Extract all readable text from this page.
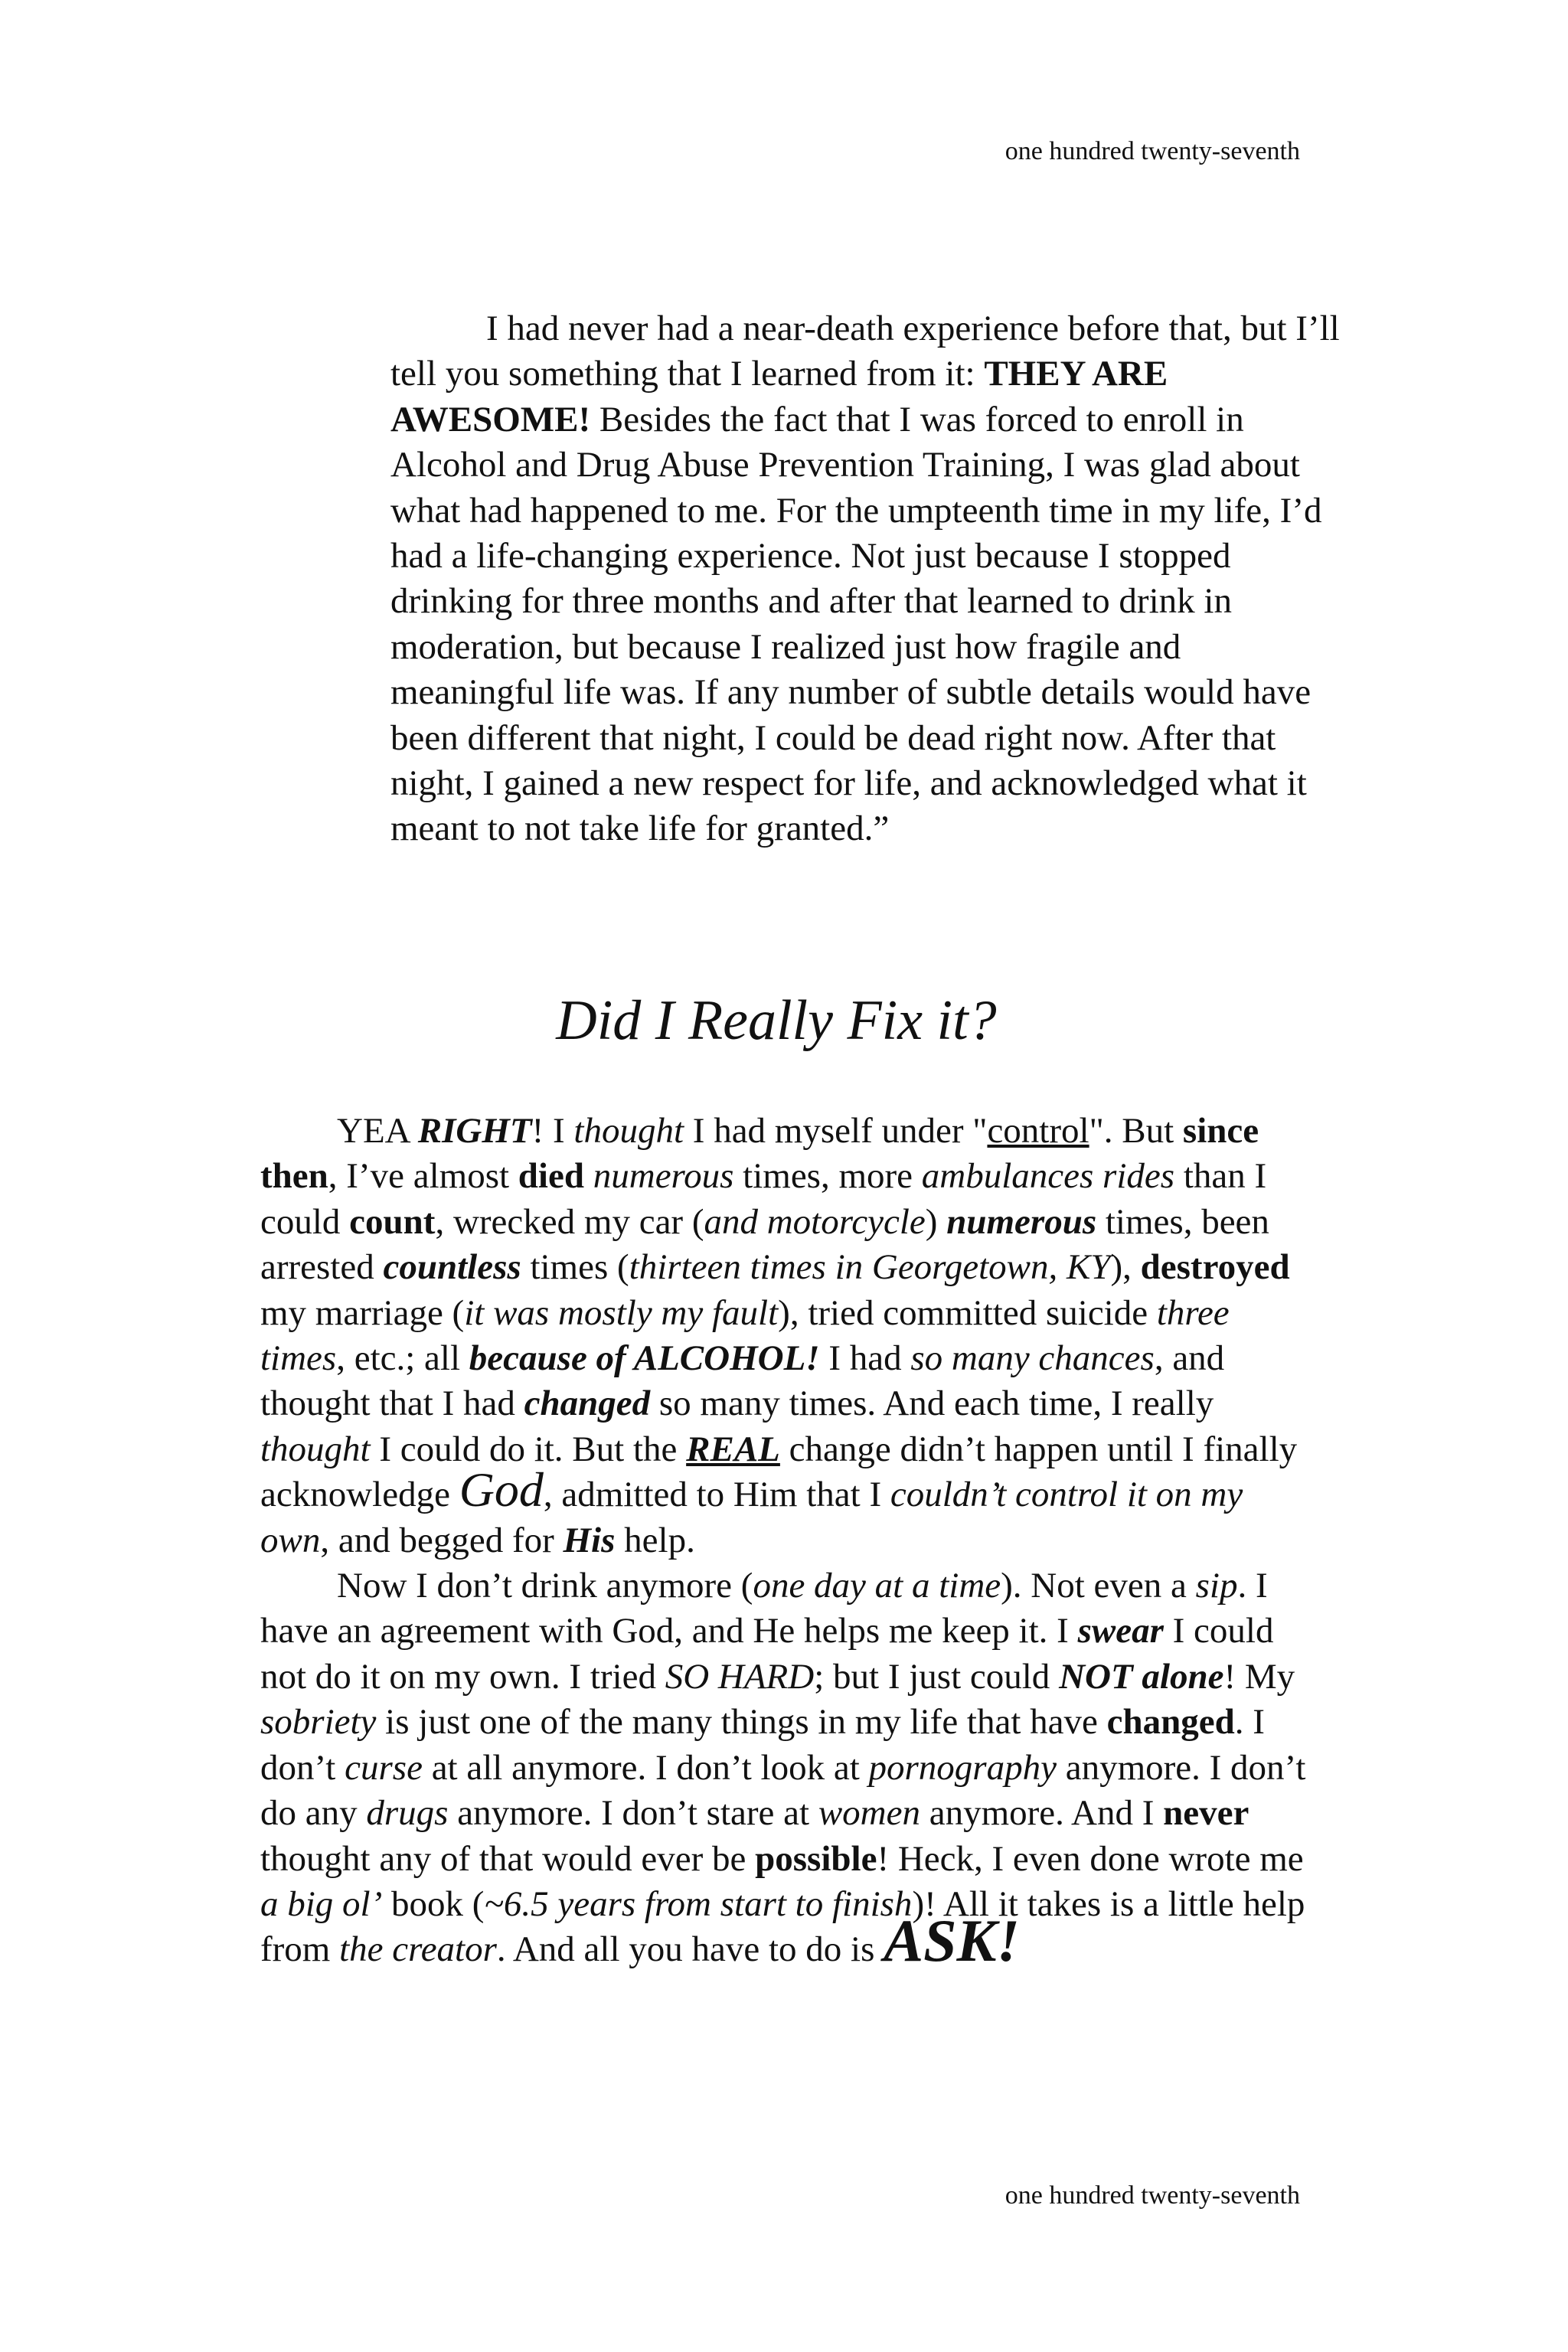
one hundred twenty-seventh

I had never had a near-death experience before that, but I’ll tell you something that I learned from it: THEY ARE AWESOME! Besides the fact that I was forced to enroll in Alcohol and Drug Abuse Prevention Training, I was glad about what had happened to me. For the umpteenth time in my life, I’d had a life-changing experience. Not just because I stopped drinking for three months and after that learned to drink in moderation, but because I realized just how fragile and meaningful life was. If any number of subtle details would have been different that night, I could be dead right now. After that night, I gained a new respect for life, and acknowledged what it meant to not take life for granted.”

Did I Really Fix it?

YEA RIGHT! I thought I had myself under "control". But since then, I’ve almost died numerous times, more ambulances rides than I could count, wrecked my car (and motorcycle) numerous times, been arrested countless times (thirteen times in Georgetown, KY), destroyed my marriage (it was mostly my fault), tried committed suicide three times, etc.; all because of ALCOHOL! I had so many chances, and thought that I had changed so many times. And each time, I really thought I could do it. But the REAL change didn’t happen until I finally acknowledge God, admitted to Him that I couldn’t control it on my own, and begged for His help.

Now I don’t drink anymore (one day at a time). Not even a sip. I have an agreement with God, and He helps me keep it. I swear I could not do it on my own. I tried SO HARD; but I just could NOT alone! My sobriety is just one of the many things in my life that have changed. I don’t curse at all anymore. I don’t look at pornography anymore. I don’t do any drugs anymore. I don’t stare at women anymore. And I never thought any of that would ever be possible! Heck, I even done wrote me a big ol’ book (~6.5 years from start to finish)! All it takes is a little help from the creator. And all you have to do is ASK!

one hundred twenty-seventh
